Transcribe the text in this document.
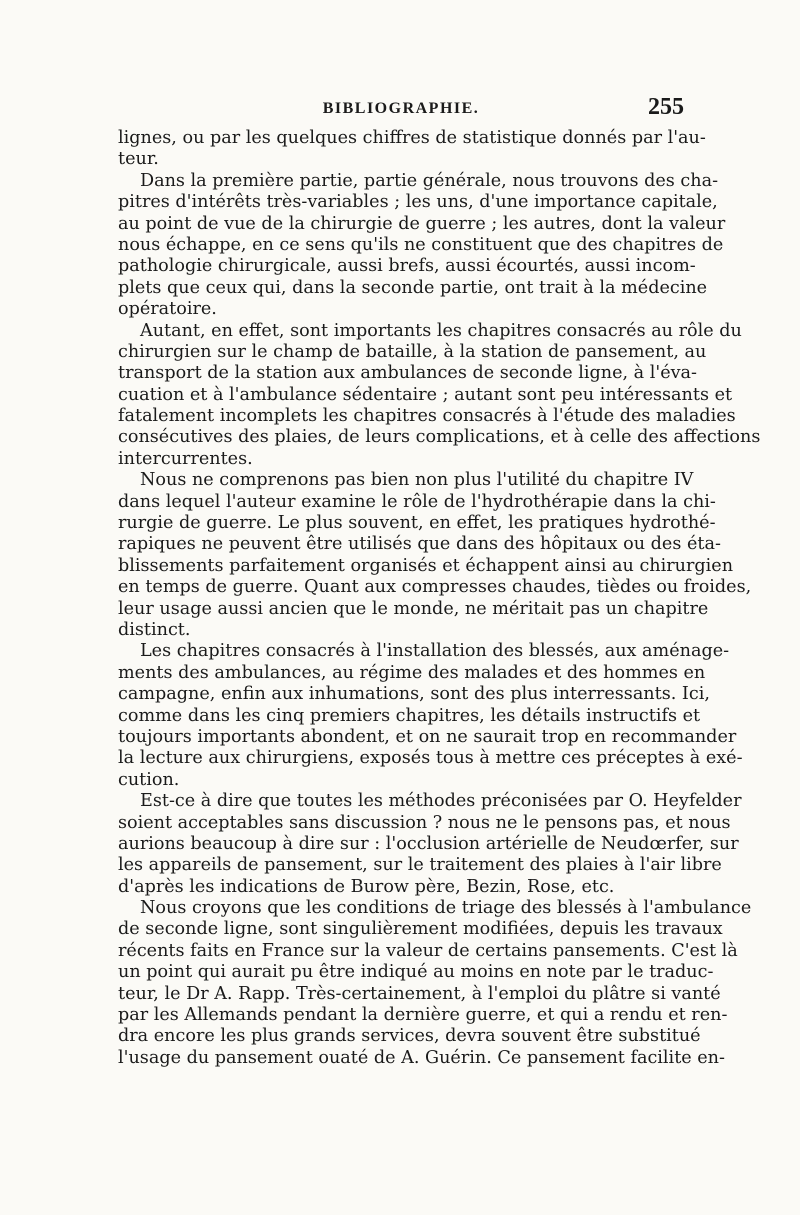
BIBLIOGRAPHIE.	255
lignes, ou par les quelques chiffres de statistique donnés par l'au-
teur.
Dans la première partie, partie générale, nous trouvons des cha-
pitres d'intérêts très-variables ; les uns, d'une importance capitale,
au point de vue de la chirurgie de guerre ; les autres, dont la valeur
nous échappe, en ce sens qu'ils ne constituent que des chapitres de
pathologie chirurgicale, aussi brefs, aussi écourtés, aussi incom-
plets que ceux qui, dans la seconde partie, ont trait à la médecine
opératoire.
Autant, en effet, sont importants les chapitres consacrés au rôle du
chirurgien sur le champ de bataille, à la station de pansement, au
transport de la station aux ambulances de seconde ligne, à l'éva-
cuation et à l'ambulance sédentaire ; autant sont peu intéressants et
fatalement incomplets les chapitres consacrés à l'étude des maladies
consécutives des plaies, de leurs complications, et à celle des affections
intercurrentes.
Nous ne comprenons pas bien non plus l'utilité du chapitre IV
dans lequel l'auteur examine le rôle de l'hydrothérapie dans la chi-
rurgie de guerre. Le plus souvent, en effet, les pratiques hydrothé-
rapiques ne peuvent être utilisés que dans des hôpitaux ou des éta-
blissements parfaitement organisés et échappent ainsi au chirurgien
en temps de guerre. Quant aux compresses chaudes, tièdes ou froides,
leur usage aussi ancien que le monde, ne méritait pas un chapitre
distinct.
Les chapitres consacrés à l'installation des blessés, aux aménage-
ments des ambulances, au régime des malades et des hommes en
campagne, enfin aux inhumations, sont des plus interressants. Ici,
comme dans les cinq premiers chapitres, les détails instructifs et
toujours importants abondent, et on ne saurait trop en recommander
la lecture aux chirurgiens, exposés tous à mettre ces préceptes à exé-
cution.
Est-ce à dire que toutes les méthodes préconisées par O. Heyfelder
soient acceptables sans discussion ? nous ne le pensons pas, et nous
aurions beaucoup à dire sur : l'occlusion artérielle de Neudœrfer, sur
les appareils de pansement, sur le traitement des plaies à l'air libre
d'après les indications de Burow père, Bezin, Rose, etc.
Nous croyons que les conditions de triage des blessés à l'ambulance
de seconde ligne, sont singulièrement modifiées, depuis les travaux
récents faits en France sur la valeur de certains pansements. C'est là
un point qui aurait pu être indiqué au moins en note par le traduc-
teur, le Dr A. Rapp. Très-certainement, à l'emploi du plâtre si vanté
par les Allemands pendant la dernière guerre, et qui a rendu et ren-
dra encore les plus grands services, devra souvent être substitué
l'usage du pansement ouaté de A. Guérin. Ce pansement facilite en-
